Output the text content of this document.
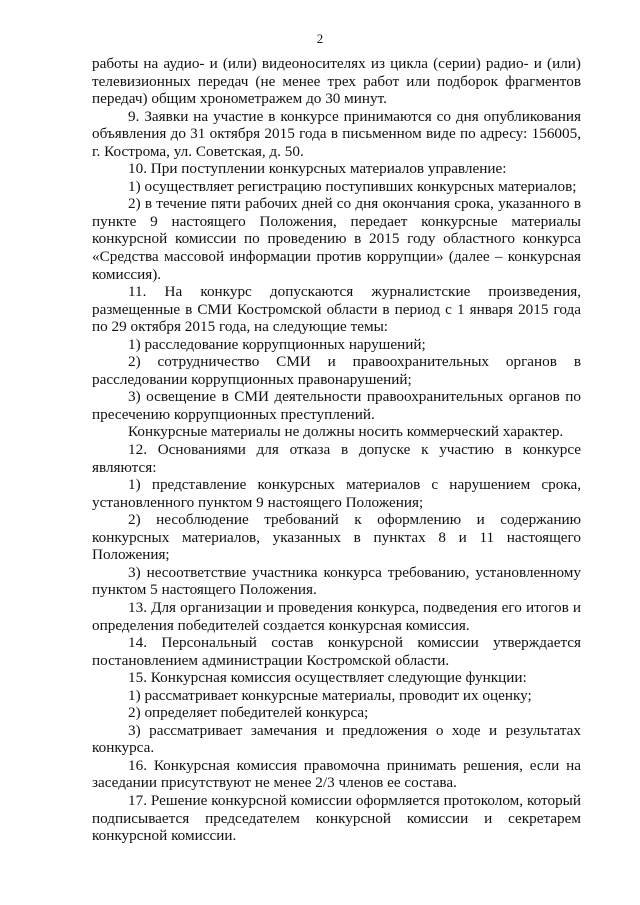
2

работы на аудио- и (или) видеоносителях из цикла (серии) радио- и (или) телевизионных передач (не менее трех работ или подборок фрагментов передач) общим хронометражем до 30 минут.

9. Заявки на участие в конкурсе принимаются со дня опубликования объявления до 31 октября 2015 года в письменном виде по адресу: 156005, г. Кострома, ул. Советская, д. 50.

10. При поступлении конкурсных материалов управление:

1) осуществляет регистрацию поступивших конкурсных материалов;

2) в течение пяти рабочих дней со дня окончания срока, указанного в пункте 9 настоящего Положения, передает конкурсные материалы конкурсной комиссии по проведению в 2015 году областного конкурса «Средства массовой информации против коррупции» (далее – конкурсная комиссия).

11. На конкурс допускаются журналистские произведения, размещенные в СМИ Костромской области в период с 1 января 2015 года по 29 октября 2015 года, на следующие темы:

1) расследование коррупционных нарушений;

2) сотрудничество СМИ и правоохранительных органов в расследовании коррупционных правонарушений;

3) освещение в СМИ деятельности правоохранительных органов по пресечению коррупционных преступлений.

Конкурсные материалы не должны носить коммерческий характер.

12. Основаниями для отказа в допуске к участию в конкурсе являются:

1) представление конкурсных материалов с нарушением срока, установленного пунктом 9 настоящего Положения;

2) несоблюдение требований к оформлению и содержанию конкурсных материалов, указанных в пунктах 8 и 11 настоящего Положения;

3) несоответствие участника конкурса требованию, установленному пунктом 5 настоящего Положения.

13. Для организации и проведения конкурса, подведения его итогов и определения победителей создается конкурсная комиссия.

14. Персональный состав конкурсной комиссии утверждается постановлением администрации Костромской области.

15. Конкурсная комиссия осуществляет следующие функции:

1) рассматривает конкурсные материалы, проводит их оценку;

2) определяет победителей конкурса;

3) рассматривает замечания и предложения о ходе и результатах конкурса.

16. Конкурсная комиссия правомочна принимать решения, если на заседании присутствуют не менее 2/3 членов ее состава.

17. Решение конкурсной комиссии оформляется протоколом, который подписывается председателем конкурсной комиссии и секретарем конкурсной комиссии.
